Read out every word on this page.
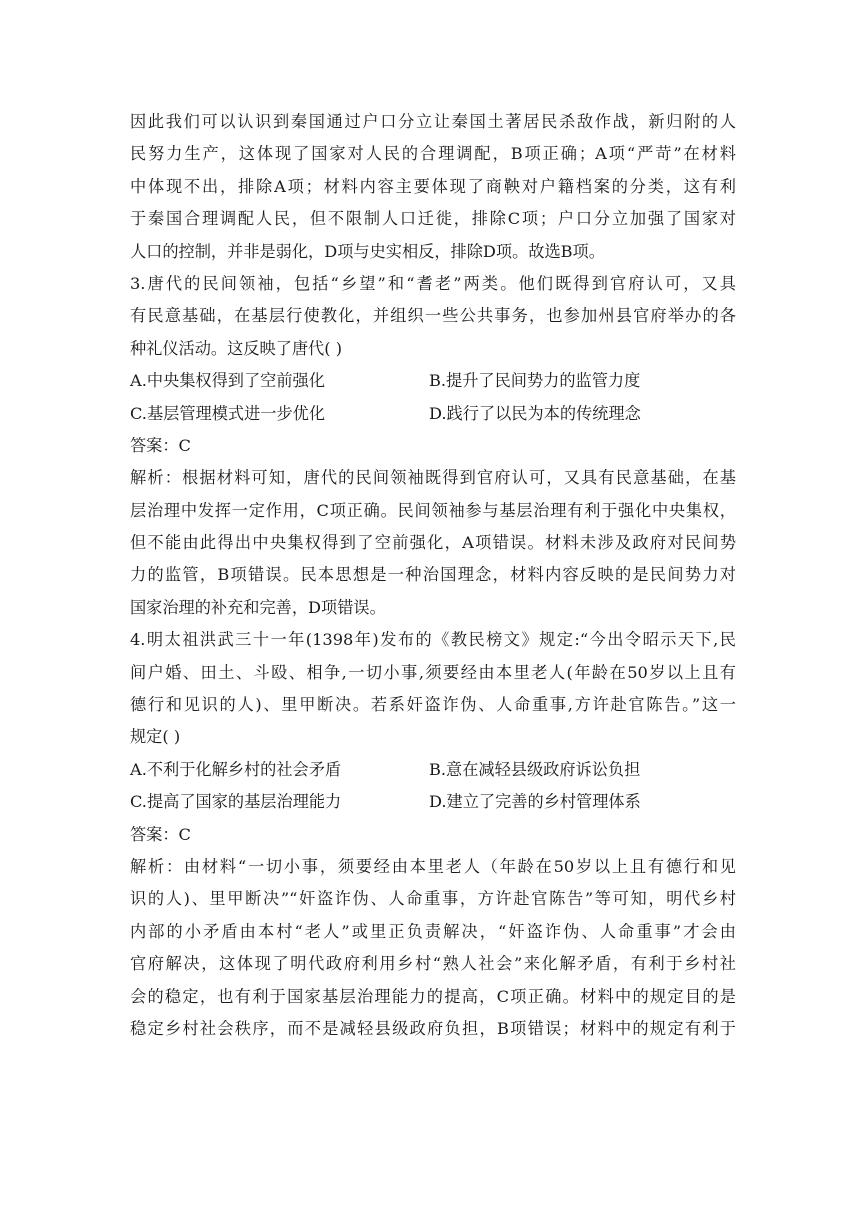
因此我们可以认识到秦国通过户口分立让秦国土著居民杀敌作战，新归附的人
民努力生产，这体现了国家对人民的合理调配，B项正确；A项“严苛”在材料
中体现不出，排除A项；材料内容主要体现了商鞅对户籍档案的分类，这有利
于秦国合理调配人民，但不限制人口迁徙，排除C项；户口分立加强了国家对
人口的控制，并非是弱化，D项与史实相反，排除D项。故选B项。
3.唐代的民间领袖，包括“乡望”和“耆老”两类。他们既得到官府认可，又具
有民意基础，在基层行使教化，并组织一些公共事务，也参加州县官府举办的各
种礼仪活动。这反映了唐代( )
A.中央集权得到了空前强化	B.提升了民间势力的监管力度
C.基层管理模式进一步优化	D.践行了以民为本的传统理念
答案：C
解析：根据材料可知，唐代的民间领袖既得到官府认可，又具有民意基础，在基
层治理中发挥一定作用，C项正确。民间领袖参与基层治理有利于强化中央集权，
但不能由此得出中央集权得到了空前强化，A项错误。材料未涉及政府对民间势
力的监管，B项错误。民本思想是一种治国理念，材料内容反映的是民间势力对
国家治理的补充和完善，D项错误。
4.明太祖洪武三十一年(1398年)发布的《教民榜文》规定:“今出令昭示天下,民
间户婚、田土、斗殴、相争,一切小事,须要经由本里老人(年龄在50岁以上且有
德行和见识的人)、里甲断决。若系奸盗诈伪、人命重事,方许赴官陈告。”这一
规定( )
A.不利于化解乡村的社会矛盾	B.意在减轻县级政府诉讼负担
C.提高了国家的基层治理能力	D.建立了完善的乡村管理体系
答案：C
解析：由材料“一切小事，须要经由本里老人（年龄在50岁以上且有德行和见
识的人)、里甲断决”“奸盗诈伪、人命重事，方许赴官陈告”等可知，明代乡村
内部的小矛盾由本村“老人”或里正负责解决，“奸盗诈伪、人命重事”才会由
官府解决，这体现了明代政府利用乡村“熟人社会”来化解矛盾，有利于乡村社
会的稳定，也有利于国家基层治理能力的提高，C项正确。材料中的规定目的是
稳定乡村社会秩序，而不是减轻县级政府负担，B项错误；材料中的规定有利于
